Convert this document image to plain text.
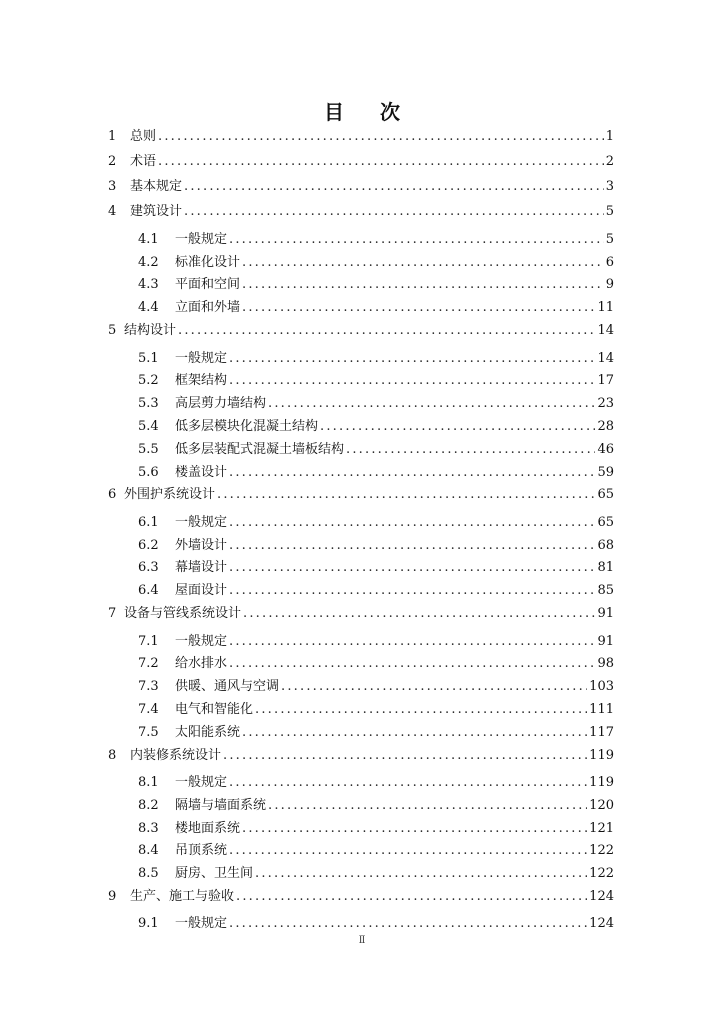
目 次
1	总则 .....	1
2	术语 .....	2
3	基本规定 .....	3
4	建筑设计 .....	5
4.1	一般规定 .....	5
4.2	标准化设计 .....	6
4.3	平面和空间 .....	9
4.4	立面和外墙 .....	11
5 结构设计 .....	14
5.1	一般规定 .....	14
5.2	框架结构 .....	17
5.3	高层剪力墙结构 .....	23
5.4	低多层模块化混凝土结构 .....	28
5.5	低多层装配式混凝土墙板结构 .....	46
5.6	楼盖设计 .....	59
6 外围护系统设计 .....	65
6.1	一般规定 .....	65
6.2	外墙设计 .....	68
6.3	幕墙设计 .....	81
6.4	屋面设计 .....	85
7 设备与管线系统设计 .....	91
7.1	一般规定 .....	91
7.2	给水排水 .....	98
7.3	供暖、通风与空调 .....	103
7.4	电气和智能化 .....	111
7.5	太阳能系统 .....	117
8	内装修系统设计 .....	119
8.1	一般规定 .....	119
8.2	隔墙与墙面系统 .....	120
8.3	楼地面系统 .....	121
8.4	吊顶系统 .....	122
8.5	厨房、卫生间 .....	122
9	生产、施工与验收 .....	124
9.1	一般规定 .....	124
Ⅱ
